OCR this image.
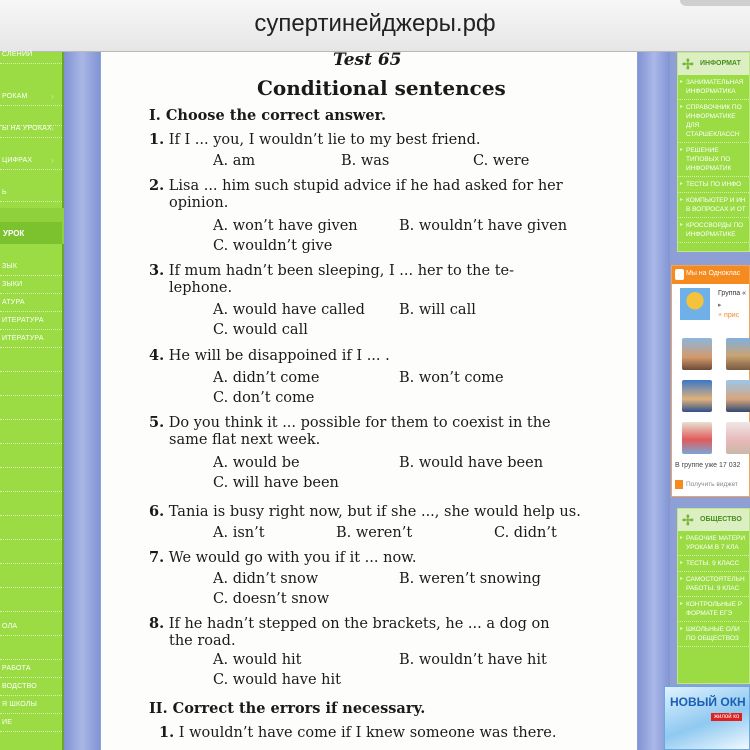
супертинейджеры.рф
СЛЕНИЙ
РОКАМ	›
Ы НА УРОКАХ ›
ЦИФРАХ ›
Ь
УРОК
ЗЫК
ЗЫКИ
АТУРА
ИТЕРАТУРА
ИТЕРАТУРА
ОЛА
РАБОТА
ВОДСТВО
Я ШКОЛЫ
ИЕ
Test 65
Conditional sentences
I. Choose the correct answer.
1. If I ... you, I wouldn’t lie to my best friend.
A. am	B. was	C. were
2. Lisa ... him such stupid advice if he had asked for her
opinion.
A. won’t have given	B. wouldn’t have given
C. wouldn’t give
3. If mum hadn’t been sleeping, I ... her to the te-
lephone.
A. would have called B. will call
C. would call
4. He will be disappoined if I ... .
A. didn’t come	B. won’t come
C. don’t come
5. Do you think it ... possible for them to coexist in the
same flat next week.
A. would be	B. would have been
C. will have been
6. Tania is busy right now, but if she ..., she would help us.
A. isn’t	B. weren’t	C. didn’t
7. We would go with you if it ... now.
A. didn’t snow	B. weren’t snowing
C. doesn’t snow
8. If he hadn’t stepped on the brackets, he ... a dog on
the road.
A. would hit	B. wouldn’t have hit
C. would have hit
II. Correct the errors if necessary.
1. I wouldn’t have come if I knew someone was there.
✢ ИНФОРМАТ
▸ ЗАНИМАТЕЛЬНАЯ ИНФОРМАТИКА
▸ СПРАВОЧНИК ПО ИНФОРМАТИКЕ ДЛЯ СТАРШЕКЛАССН
▸ РЕШЕНИЕ ТИПОВЫХ ПО ИНФОРМАТИК
▸ ТЕСТЫ ПО ИНФО
▸ КОМПЬЮТЕР И ИН В ВОПРОСАХ И ОТ
▸ КРОССВОРДЫ ПО ИНФОРМАТИКЕ
✢ ОБЩЕСТВО
▸ РАБОЧИЕ МАТЕРИ УРОКАМ В 7 КЛА
▸ ТЕСТЫ. 9 КЛАСС
▸ САМОСТОЯТЕЛЬН РАБОТЫ. 9 КЛАС
▸ КОНТРОЛЬНЫЕ Р ФОРМАТЕ ЕГЭ
▸ ШКОЛЬНЫЕ ОЛИ ПО ОБЩЕСТВОЗ
Мы на Одноклас
Группа «
▸
+ прис
В группе уже 17 032
Получить виджет
НОВЫЙ ОКН
жилой ко
